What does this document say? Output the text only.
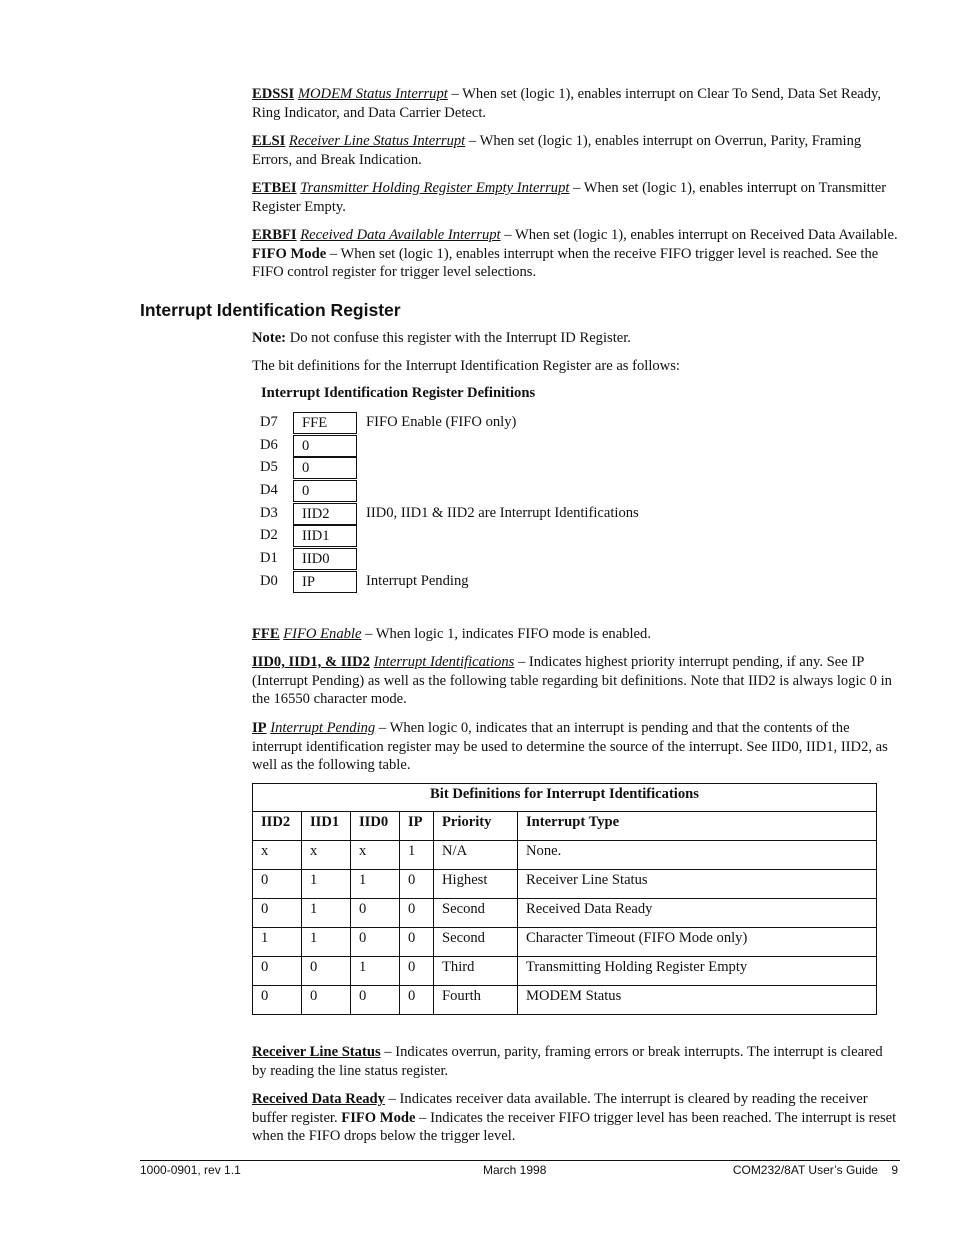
EDSSI MODEM Status Interrupt – When set (logic 1), enables interrupt on Clear To Send, Data Set Ready, Ring Indicator, and Data Carrier Detect.

ELSI Receiver Line Status Interrupt – When set (logic 1), enables interrupt on Overrun, Parity, Framing Errors, and Break Indication.

ETBEI Transmitter Holding Register Empty Interrupt – When set (logic 1), enables interrupt on Transmitter Register Empty.

ERBFI Received Data Available Interrupt – When set (logic 1), enables interrupt on Received Data Available. FIFO Mode – When set (logic 1), enables interrupt when the receive FIFO trigger level is reached. See the FIFO control register for trigger level selections.

Interrupt Identification Register

Note: Do not confuse this register with the Interrupt ID Register.

The bit definitions for the Interrupt Identification Register are as follows:

Interrupt Identification Register Definitions
D7	FFE	FIFO Enable (FIFO only)
D6	0
D5	0
D4	0
D3	IID2	IID0, IID1 & IID2 are Interrupt Identifications
D2	IID1
D1	IID0
D0	IP	Interrupt Pending

FFE FIFO Enable – When logic 1, indicates FIFO mode is enabled.

IID0, IID1, & IID2 Interrupt Identifications – Indicates highest priority interrupt pending, if any. See IP (Interrupt Pending) as well as the following table regarding bit definitions. Note that IID2 is always logic 0 in the 16550 character mode.

IP Interrupt Pending – When logic 0, indicates that an interrupt is pending and that the contents of the interrupt identification register may be used to determine the source of the interrupt. See IID0, IID1, IID2, as well as the following table.

Bit Definitions for Interrupt Identifications					
IID2	IID1	IID0	IP	Priority	Interrupt Type
x	x	x	1	N/A	None.
0	1	1	0	Highest	Receiver Line Status
0	1	0	0	Second	Received Data Ready
1	1	0	0	Second	Character Timeout (FIFO Mode only)
0	0	1	0	Third	Transmitting Holding Register Empty
0	0	0	0	Fourth	MODEM Status

Receiver Line Status – Indicates overrun, parity, framing errors or break interrupts. The interrupt is cleared by reading the line status register.

Received Data Ready – Indicates receiver data available. The interrupt is cleared by reading the receiver buffer register. FIFO Mode – Indicates the receiver FIFO trigger level has been reached. The interrupt is reset when the FIFO drops below the trigger level.

1000-0901, rev 1.1	March 1998	COM232/8AT User’s Guide    9
